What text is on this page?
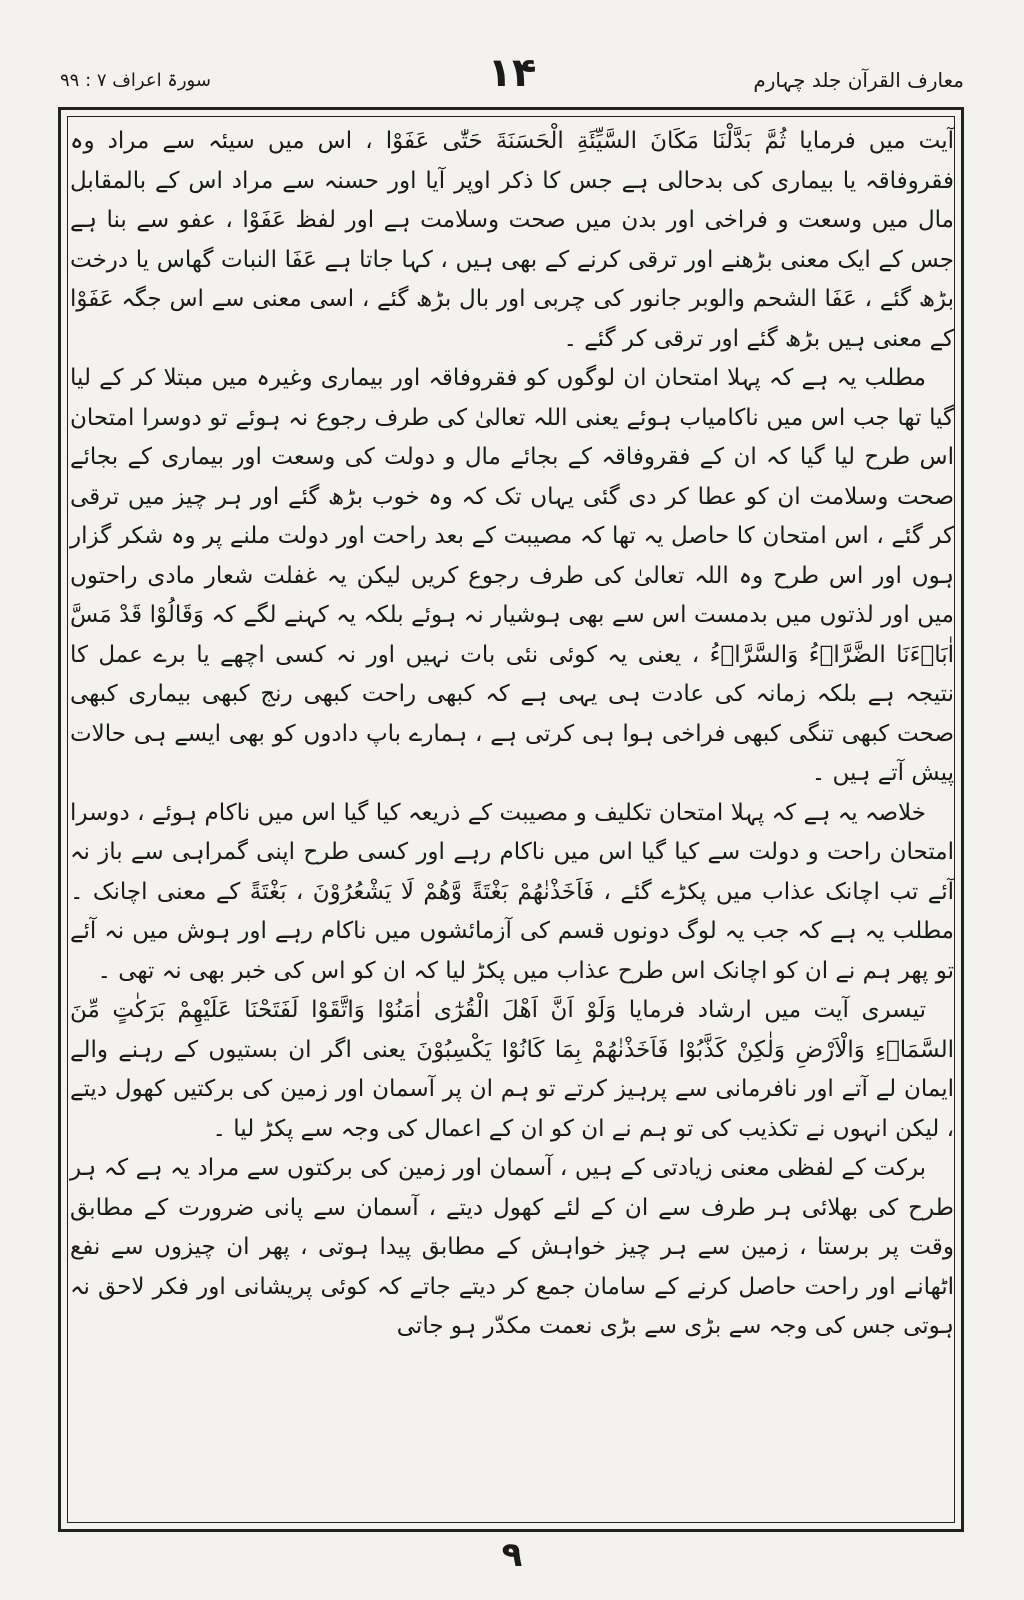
سورۃ اعراف ۷ : ۹۹	۱۴	معارف القرآن جلد چہارم

آیت میں فرمایا ثُمَّ بَدَّلْنَا مَكَانَ السَّيِّئَةِ الْحَسَنَةَ حَتّٰى عَفَوْا ، اس میں سیئہ سے مراد وہ فقروفاقہ یا بیماری کی بدحالی ہے جس کا ذکر اوپر آیا اور حسنہ سے مراد اس کے بالمقابل مال میں وسعت و فراخی اور بدن میں صحت وسلامت ہے اور لفظ عَفَوْا ، عفو سے بنا ہے جس کے ایک معنی بڑھنے اور ترقی کرنے کے بھی ہیں ، کہا جاتا ہے عَفَا النبات گھاس یا درخت بڑھ گئے ، عَفَا الشحم والوبر جانور کی چربی اور بال بڑھ گئے ، اسی معنی سے اس جگہ عَفَوْا کے معنی ہیں بڑھ گئے اور ترقی کر گئے ۔

مطلب یہ ہے کہ پہلا امتحان ان لوگوں کو فقروفاقہ اور بیماری وغیرہ میں مبتلا کر کے لیا گیا تھا جب اس میں ناکامیاب ہوئے یعنی اللہ تعالیٰ کی طرف رجوع نہ ہوئے تو دوسرا امتحان اس طرح لیا گیا کہ ان کے فقروفاقہ کے بجائے مال و دولت کی وسعت اور بیماری کے بجائے صحت وسلامت ان کو عطا کر دی گئی یہاں تک کہ وہ خوب بڑھ گئے اور ہر چیز میں ترقی کر گئے ، اس امتحان کا حاصل یہ تھا کہ مصیبت کے بعد راحت اور دولت ملنے پر وہ شکر گزار ہوں اور اس طرح وہ اللہ تعالیٰ کی طرف رجوع کریں لیکن یہ غفلت شعار مادی راحتوں میں اور لذتوں میں بدمست اس سے بھی ہوشیار نہ ہوئے بلکہ یہ کہنے لگے کہ وَقَالُوْا قَدْ مَسَّ اٰبَاۗءَنَا الضَّرَّاۗءُ وَالسَّرَّاۗءُ ، یعنی یہ کوئی نئی بات نہیں اور نہ کسی اچھے یا برے عمل کا نتیجہ ہے بلکہ زمانہ کی عادت ہی یہی ہے کہ کبھی راحت کبھی رنج کبھی بیماری کبھی صحت کبھی تنگی کبھی فراخی ہوا ہی کرتی ہے ، ہمارے باپ دادوں کو بھی ایسے ہی حالات پیش آتے ہیں ۔

خلاصہ یہ ہے کہ پہلا امتحان تکلیف و مصیبت کے ذریعہ کیا گیا اس میں ناکام ہوئے ، دوسرا امتحان راحت و دولت سے کیا گیا اس میں ناکام رہے اور کسی طرح اپنی گمراہی سے باز نہ آئے تب اچانک عذاب میں پکڑے گئے ، فَاَخَذْنٰهُمْ بَغْتَةً وَّهُمْ لَا يَشْعُرُوْنَ ، بَغْتَةً کے معنی اچانک ۔ مطلب یہ ہے کہ جب یہ لوگ دونوں قسم کی آزمائشوں میں ناکام رہے اور ہوش میں نہ آئے تو پھر ہم نے ان کو اچانک اس طرح عذاب میں پکڑ لیا کہ ان کو اس کی خبر بھی نہ تھی ۔

تیسری آیت میں ارشاد فرمایا وَلَوْ اَنَّ اَهْلَ الْقُرٰٓى اٰمَنُوْا وَاتَّقَوْا لَفَتَحْنَا عَلَيْهِمْ بَرَكٰتٍ مِّنَ السَّمَاۗءِ وَالْاَرْضِ وَلٰكِنْ كَذَّبُوْا فَاَخَذْنٰهُمْ بِمَا كَانُوْا يَكْسِبُوْنَ یعنی اگر ان بستیوں کے رہنے والے ایمان لے آتے اور نافرمانی سے پرہیز کرتے تو ہم ان پر آسمان اور زمین کی برکتیں کھول دیتے ، لیکن انہوں نے تکذیب کی تو ہم نے ان کو ان کے اعمال کی وجہ سے پکڑ لیا ۔

برکت کے لفظی معنی زیادتی کے ہیں ، آسمان اور زمین کی برکتوں سے مراد یہ ہے کہ ہر طرح کی بھلائی ہر طرف سے ان کے لئے کھول دیتے ، آسمان سے پانی ضرورت کے مطابق وقت پر برستا ، زمین سے ہر چیز خواہش کے مطابق پیدا ہوتی ، پھر ان چیزوں سے نفع اٹھانے اور راحت حاصل کرنے کے سامان جمع کر دیتے جاتے کہ کوئی پریشانی اور فکر لاحق نہ ہوتی جس کی وجہ سے بڑی سے بڑی نعمت مکدّر ہو جاتی

۹
